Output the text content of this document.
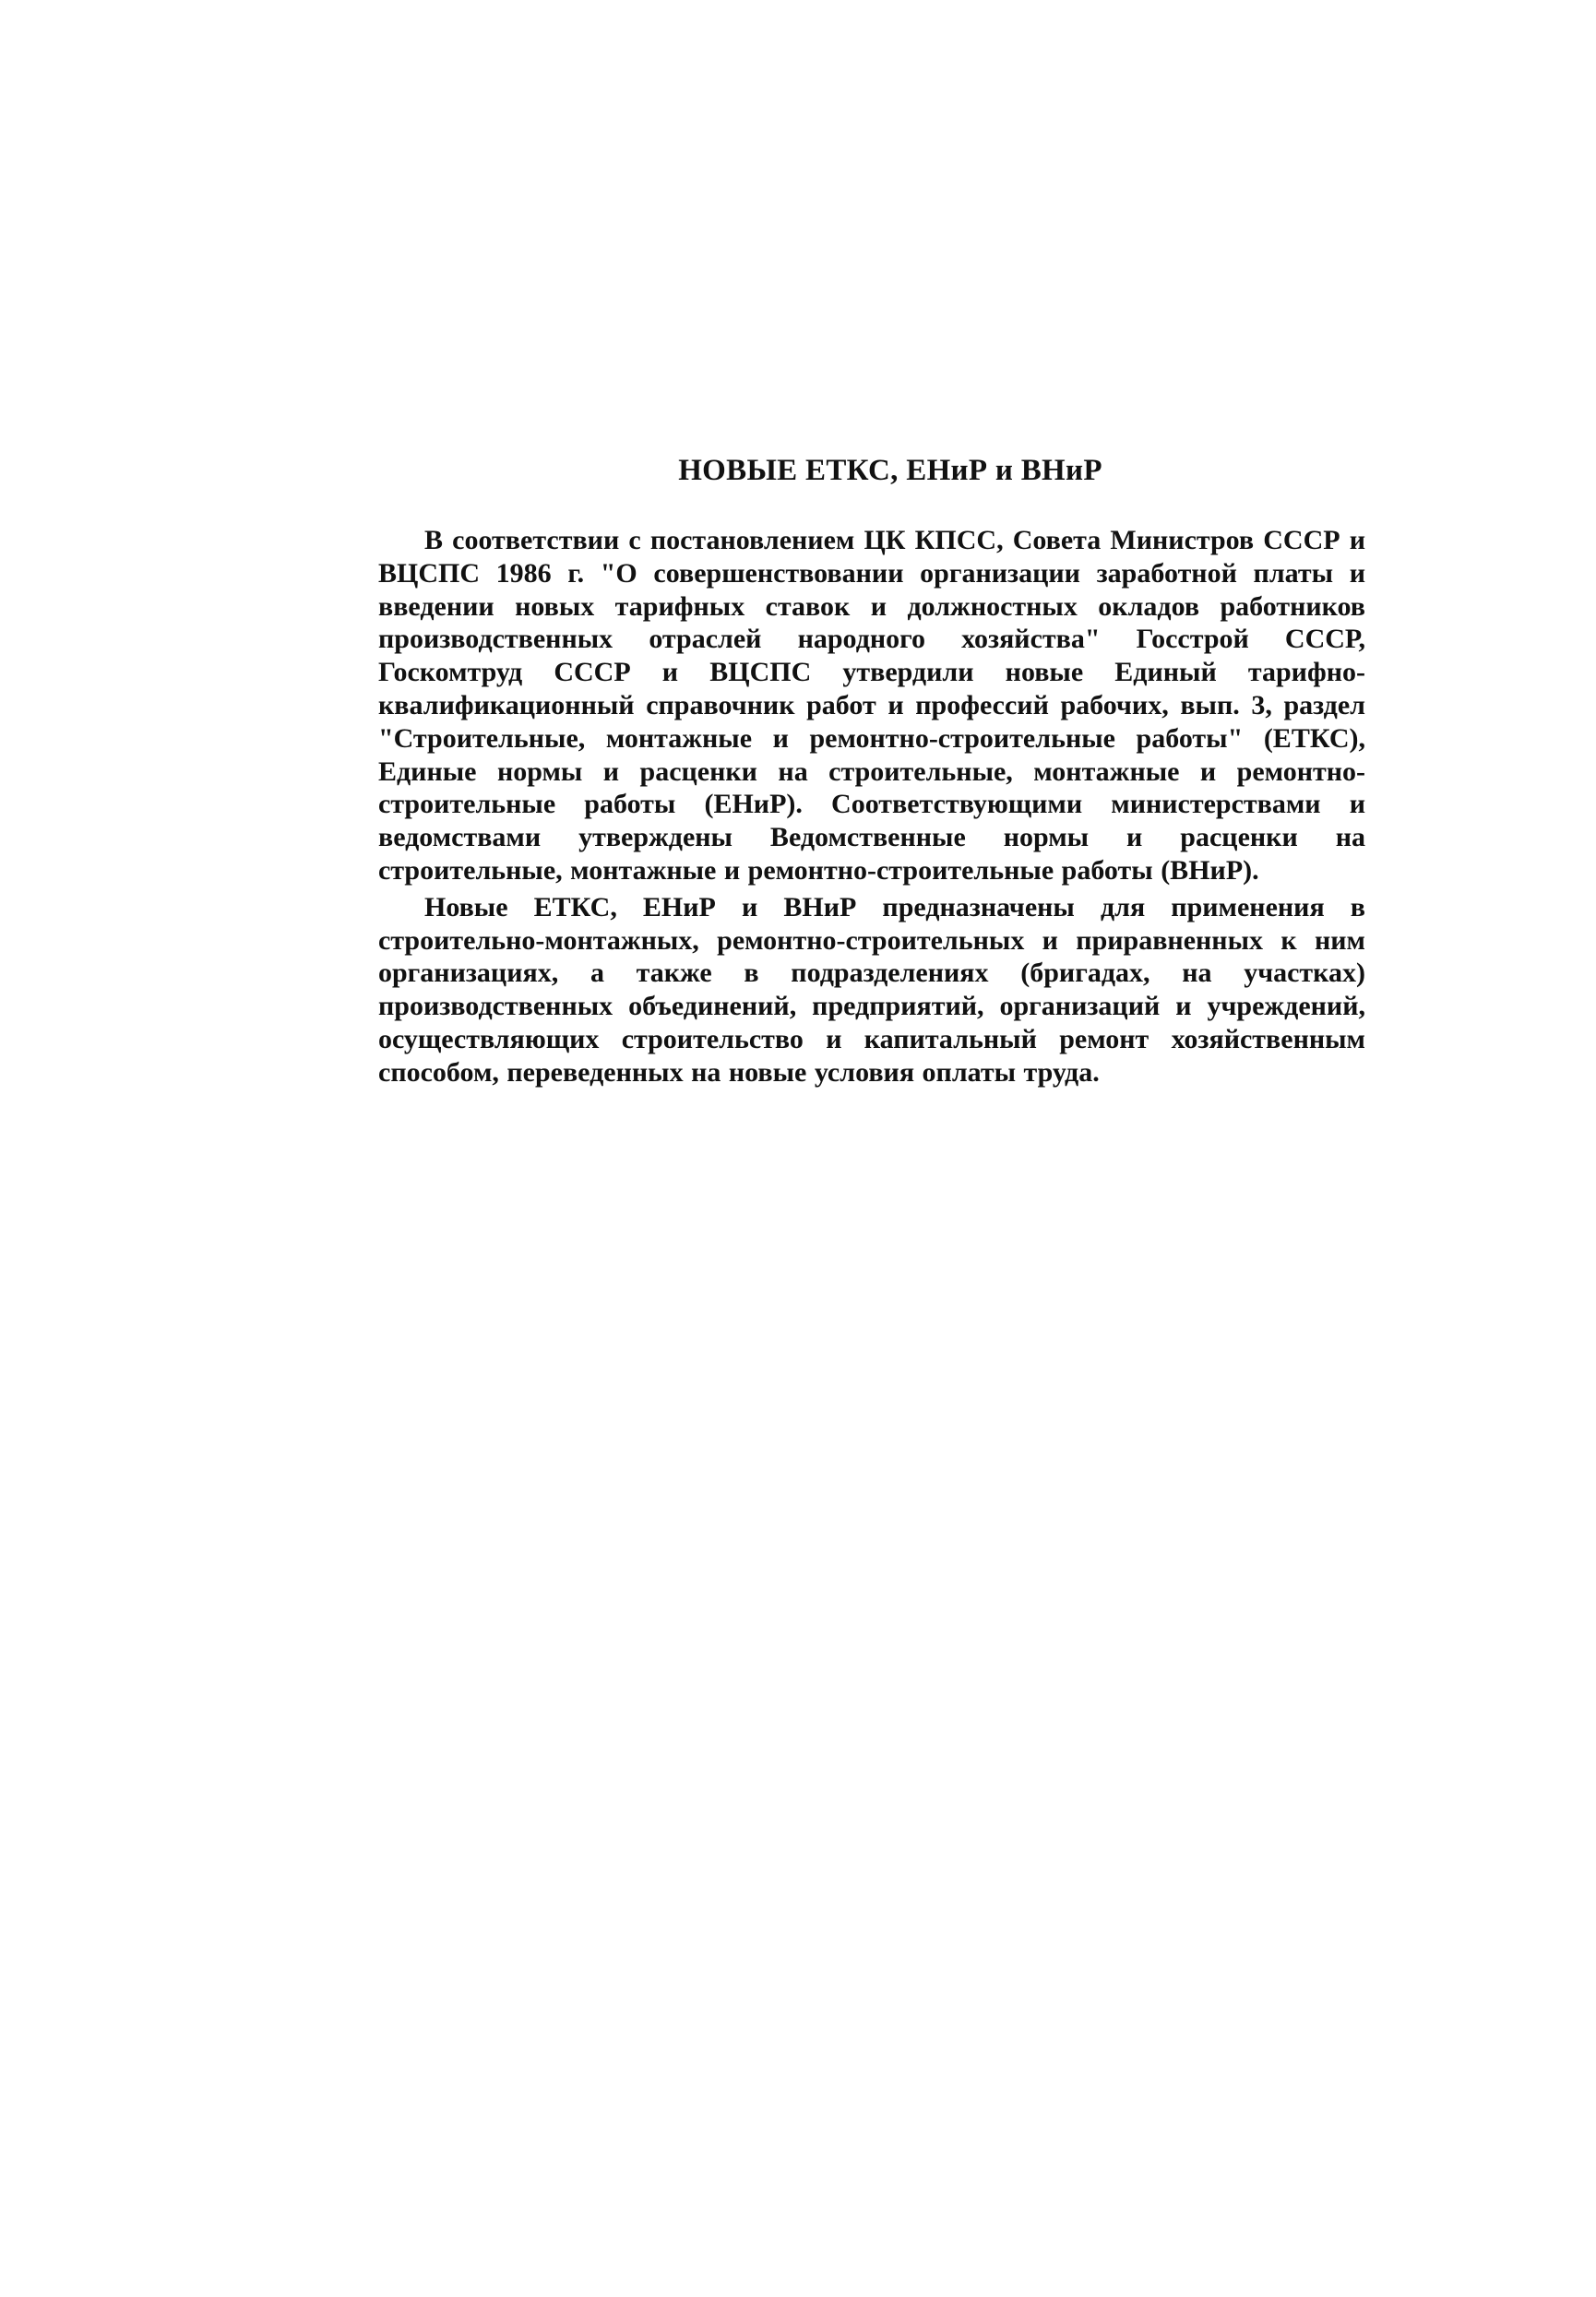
НОВЫЕ ЕТКС, ЕНиР и ВНиР

В соответствии с постановлением ЦК КПСС, Совета Министров СССР и ВЦСПС 1986 г. "О совершенствовании организации заработной платы и введении новых тарифных ставок и должностных окладов работников производственных отраслей народного хозяйства" Госстрой СССР, Госкомтруд СССР и ВЦСПС утвердили новые Единый тарифно-квалификационный справочник работ и профессий рабочих, вып. 3, раздел "Строительные, монтажные и ремонтно-строительные работы" (ЕТКС), Единые нормы и расценки на строительные, монтажные и ремонтно-строительные работы (ЕНиР). Соответствующими министерствами и ведомствами утверждены Ведомственные нормы и расценки на строительные, монтажные и ремонтно-строительные работы (ВНиР).

Новые ЕТКС, ЕНиР и ВНиР предназначены для применения в строительно-монтажных, ремонтно-строительных и приравненных к ним организациях, а также в подразделениях (бригадах, на участках) производственных объединений, предприятий, организаций и учреждений, осуществляющих строительство и капитальный ремонт хозяйственным способом, переведенных на новые условия оплаты труда.
